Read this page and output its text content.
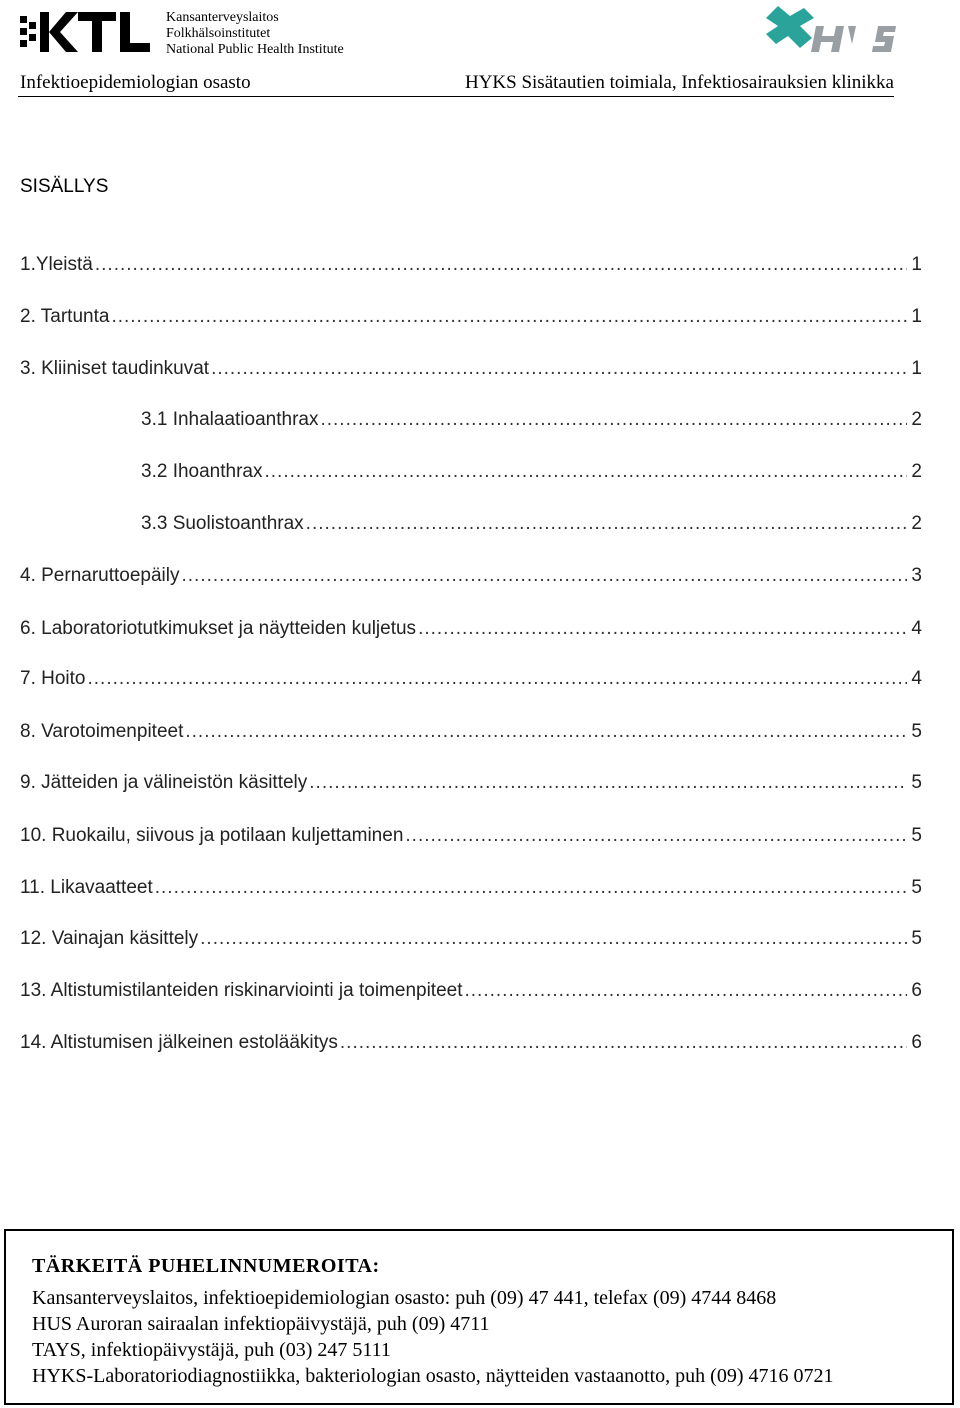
Kansanterveyslaitos
Folkhälsoinstitutet
National Public Health Institute
Infektioepidemiologian osasto	HYKS Sisätautien toimiala, Infektiosairauksien klinikka
SISÄLLYS
1.Yleistä .....	1
2. Tartunta .....	1
3. Kliiniset taudinkuvat .....	1
3.1 Inhalaatioanthrax .....	2
3.2 Ihoanthrax .....	2
3.3 Suolistoanthrax .....	2
4. Pernaruttoepäily .....	3
6. Laboratoriotutkimukset ja näytteiden kuljetus .....	4
7. Hoito .....	4
8. Varotoimenpiteet .....	5
9. Jätteiden ja välineistön käsittely .....	5
10. Ruokailu, siivous ja potilaan kuljettaminen .....	5
11. Likavaatteet .....	5
12. Vainajan käsittely .....	5
13. Altistumistilanteiden riskinarviointi ja toimenpiteet .....	6
14. Altistumisen jälkeinen estolääkitys .....	6
TÄRKEITÄ PUHELINNUMEROITA:
Kansanterveyslaitos, infektioepidemiologian osasto: puh (09) 47 441, telefax (09) 4744 8468
HUS Auroran sairaalan infektiopäivystäjä, puh (09) 4711
TAYS, infektiopäivystäjä, puh (03) 247 5111
HYKS-Laboratoriodiagnostiikka, bakteriologian osasto, näytteiden vastaanotto, puh (09) 4716 0721
